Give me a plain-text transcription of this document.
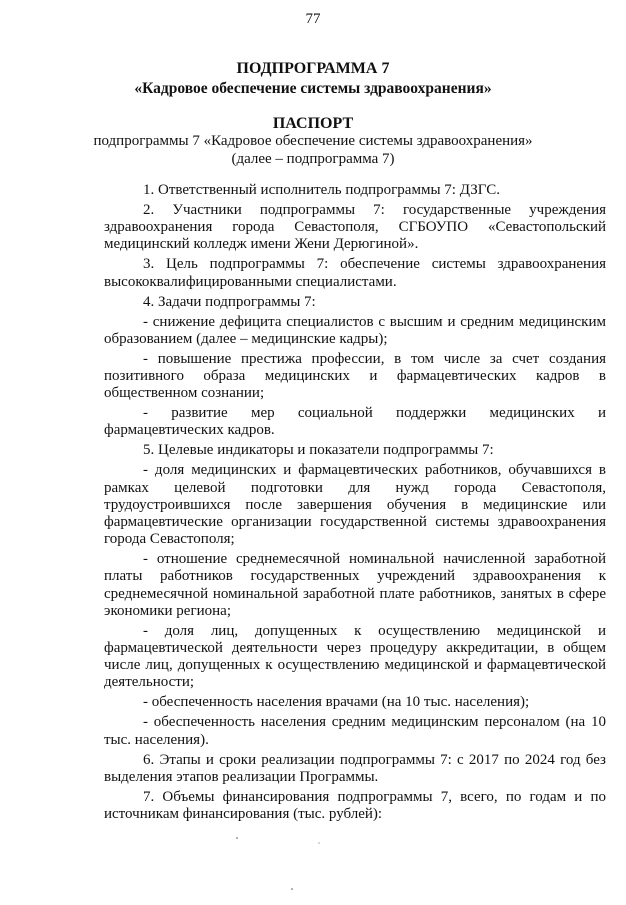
77
ПОДПРОГРАММА 7
«Кадровое обеспечение системы здравоохранения»
ПАСПОРТ
подпрограммы 7 «Кадровое обеспечение системы здравоохранения»
(далее – подпрограмма 7)

1. Ответственный исполнитель подпрограммы 7: ДЗГС.

2. Участники подпрограммы 7: государственные учреждения здравоохранения города Севастополя, СГБОУПО «Севастопольский медицинский колледж имени Жени Дерюгиной».

3. Цель подпрограммы 7: обеспечение системы здравоохранения высококвалифицированными специалистами.

4. Задачи подпрограммы 7:

- снижение дефицита специалистов с высшим и средним медицинским образованием (далее – медицинские кадры);

- повышение престижа профессии, в том числе за счет создания позитивного образа медицинских и фармацевтических кадров в общественном сознании;

- развитие мер социальной поддержки медицинских и фармацевтических кадров.

5. Целевые индикаторы и показатели подпрограммы 7:

- доля медицинских и фармацевтических работников, обучавшихся в рамках целевой подготовки для нужд города Севастополя, трудоустроившихся после завершения обучения в медицинские или фармацевтические организации государственной системы здравоохранения города Севастополя;

- отношение среднемесячной номинальной начисленной заработной платы работников государственных учреждений здравоохранения к среднемесячной номинальной заработной плате работников, занятых в сфере экономики региона;

- доля лиц, допущенных к осуществлению медицинской и фармацевтической деятельности через процедуру аккредитации, в общем числе лиц, допущенных к осуществлению медицинской и фармацевтической деятельности;

- обеспеченность населения врачами (на 10 тыс. населения);

- обеспеченность населения средним медицинским персоналом (на 10 тыс. населения).

6. Этапы и сроки реализации подпрограммы 7: с 2017 по 2024 год без выделения этапов реализации Программы.

7. Объемы финансирования подпрограммы 7, всего, по годам и по источникам финансирования (тыс. рублей):
